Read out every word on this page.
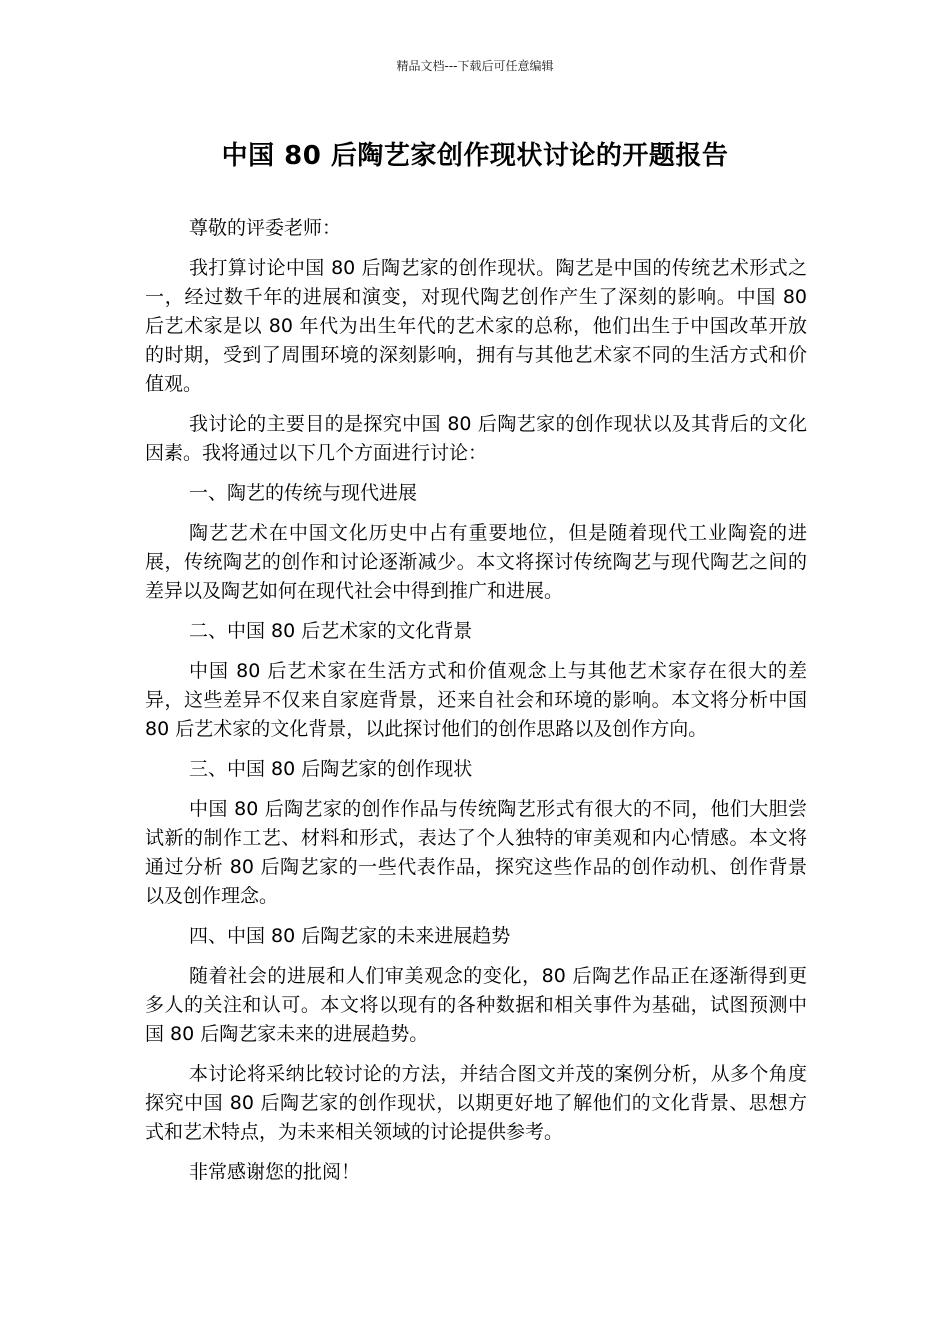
精品文档---下载后可任意编辑
中国 80 后陶艺家创作现状讨论的开题报告

尊敬的评委老师：

我打算讨论中国 80 后陶艺家的创作现状。陶艺是中国的传统艺术形式之一，经过数千年的进展和演变，对现代陶艺创作产生了深刻的影响。中国 80 后艺术家是以 80 年代为出生年代的艺术家的总称，他们出生于中国改革开放的时期，受到了周围环境的深刻影响，拥有与其他艺术家不同的生活方式和价值观。

我讨论的主要目的是探究中国 80 后陶艺家的创作现状以及其背后的文化因素。我将通过以下几个方面进行讨论：

一、陶艺的传统与现代进展

陶艺艺术在中国文化历史中占有重要地位，但是随着现代工业陶瓷的进展，传统陶艺的创作和讨论逐渐减少。本文将探讨传统陶艺与现代陶艺之间的差异以及陶艺如何在现代社会中得到推广和进展。

二、中国 80 后艺术家的文化背景

中国 80 后艺术家在生活方式和价值观念上与其他艺术家存在很大的差异，这些差异不仅来自家庭背景，还来自社会和环境的影响。本文将分析中国 80 后艺术家的文化背景，以此探讨他们的创作思路以及创作方向。

三、中国 80 后陶艺家的创作现状

中国 80 后陶艺家的创作作品与传统陶艺形式有很大的不同，他们大胆尝试新的制作工艺、材料和形式，表达了个人独特的审美观和内心情感。本文将通过分析 80 后陶艺家的一些代表作品，探究这些作品的创作动机、创作背景以及创作理念。

四、中国 80 后陶艺家的未来进展趋势

随着社会的进展和人们审美观念的变化，80 后陶艺作品正在逐渐得到更多人的关注和认可。本文将以现有的各种数据和相关事件为基础，试图预测中国 80 后陶艺家未来的进展趋势。

本讨论将采纳比较讨论的方法，并结合图文并茂的案例分析，从多个角度探究中国 80 后陶艺家的创作现状，以期更好地了解他们的文化背景、思想方式和艺术特点，为未来相关领域的讨论提供参考。

非常感谢您的批阅！
